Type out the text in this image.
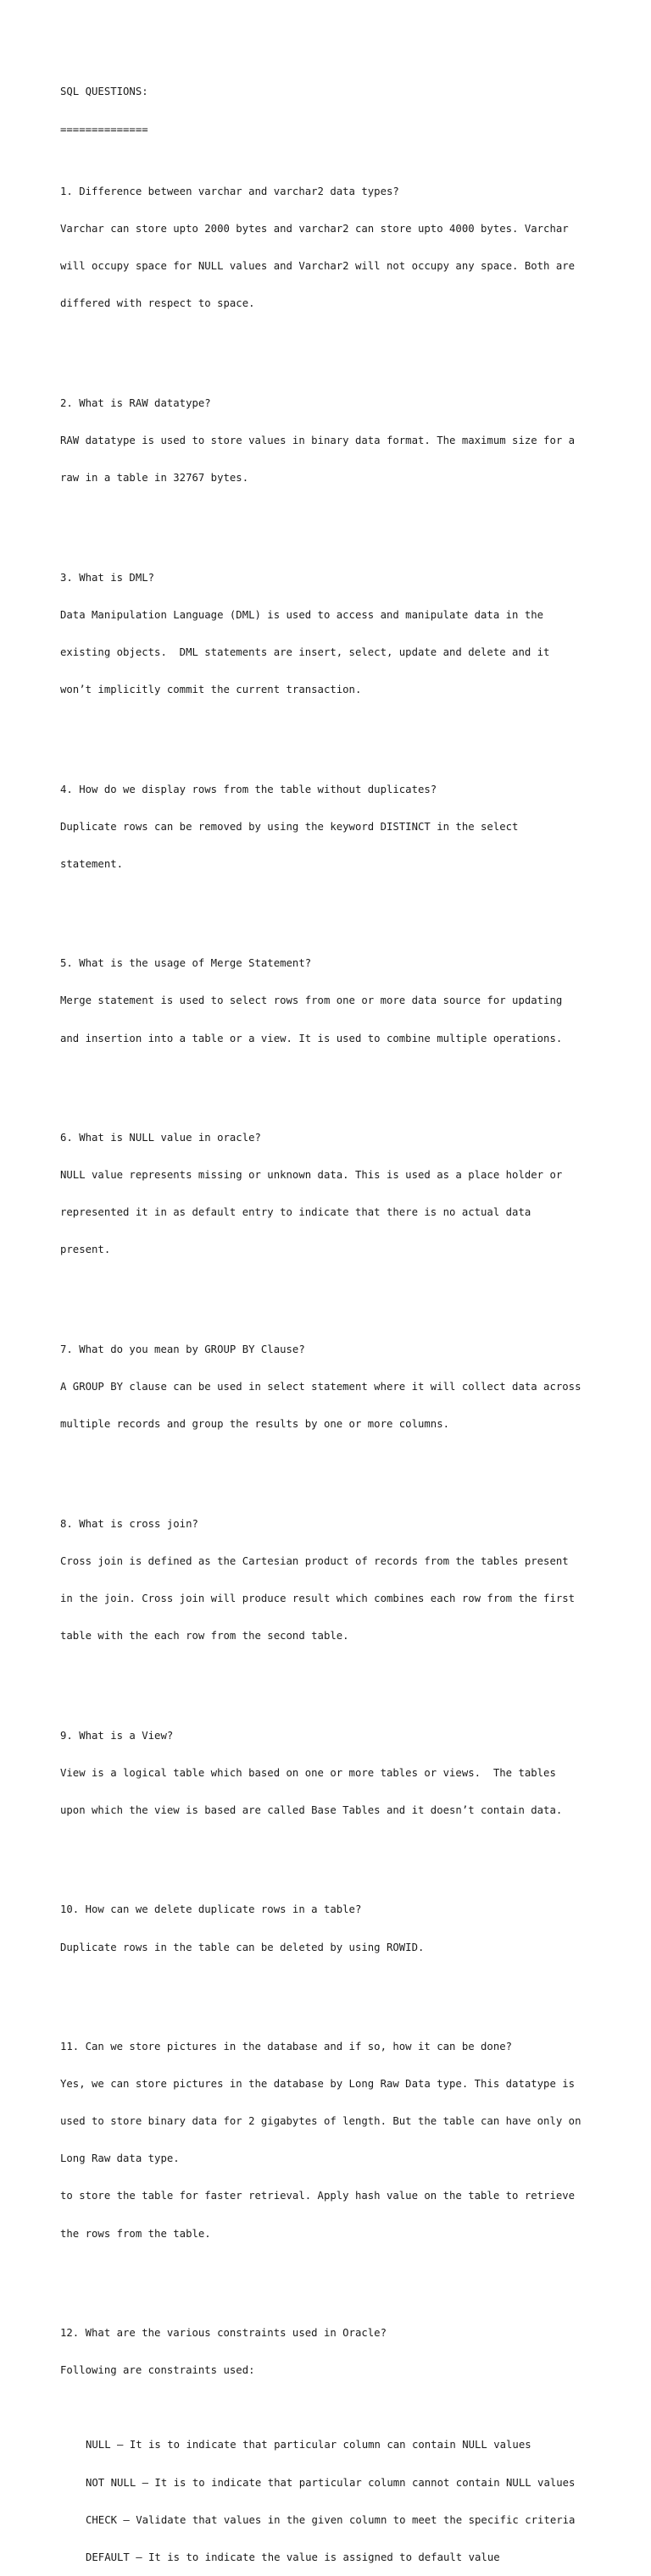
SQL QUESTIONS:

==============

1. Difference between varchar and varchar2 data types?

Varchar can store upto 2000 bytes and varchar2 can store upto 4000 bytes. Varchar

will occupy space for NULL values and Varchar2 will not occupy any space. Both are

differed with respect to space.

2. What is RAW datatype?

RAW datatype is used to store values in binary data format. The maximum size for a

raw in a table in 32767 bytes.

3. What is DML?

Data Manipulation Language (DML) is used to access and manipulate data in the

existing objects.  DML statements are insert, select, update and delete and it

won’t implicitly commit the current transaction.

4. How do we display rows from the table without duplicates?

Duplicate rows can be removed by using the keyword DISTINCT in the select

statement.

5. What is the usage of Merge Statement?

Merge statement is used to select rows from one or more data source for updating

and insertion into a table or a view. It is used to combine multiple operations.

6. What is NULL value in oracle?

NULL value represents missing or unknown data. This is used as a place holder or

represented it in as default entry to indicate that there is no actual data

present.

7. What do you mean by GROUP BY Clause?

A GROUP BY clause can be used in select statement where it will collect data across

multiple records and group the results by one or more columns.

8. What is cross join?

Cross join is defined as the Cartesian product of records from the tables present

in the join. Cross join will produce result which combines each row from the first

table with the each row from the second table.

9. What is a View?

View is a logical table which based on one or more tables or views.  The tables

upon which the view is based are called Base Tables and it doesn’t contain data.

10. How can we delete duplicate rows in a table?

Duplicate rows in the table can be deleted by using ROWID.

11. Can we store pictures in the database and if so, how it can be done?

Yes, we can store pictures in the database by Long Raw Data type. This datatype is

used to store binary data for 2 gigabytes of length. But the table can have only on

Long Raw data type.

to store the table for faster retrieval. Apply hash value on the table to retrieve

the rows from the table.

12. What are the various constraints used in Oracle?

Following are constraints used:

NULL – It is to indicate that particular column can contain NULL values

NOT NULL – It is to indicate that particular column cannot contain NULL values

CHECK – Validate that values in the given column to meet the specific criteria

DEFAULT – It is to indicate the value is assigned to default value
